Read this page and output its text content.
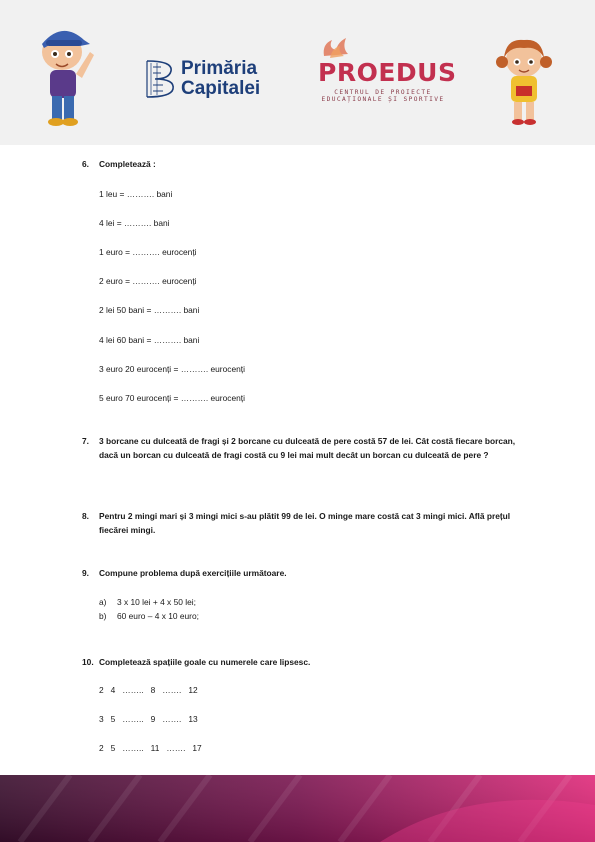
Primăria
Capitalei
PROEDUS
CENTRUL DE PROIECTE
EDUCAȚIONALE ȘI SPORTIVE
6. Completează :
1 leu = ………. bani
4 lei = ………. bani
1 euro = ………. eurocenți
2 euro = ………. eurocenți
2 lei 50 bani = ………. bani
4 lei 60 bani = ………. bani
3 euro 20 eurocenți = ………. eurocenți
5 euro 70 eurocenți = ………. eurocenți
7. 3 borcane cu dulceată de fragi și 2 borcane cu dulceată de pere costă 57 de lei. Cât costă fiecare borcan, dacă un borcan cu dulceată de fragi costă cu 9 lei mai mult decât un borcan cu dulceată de pere ?
8. Pentru 2 mingi mari și 3 mingi mici s-au plătit 99 de lei. O minge mare costă cat 3 mingi mici. Află prețul fiecărei mingi.
9. Compune problema după exercițiile următoare.
a) 3 x 10 lei + 4 x 50 lei;
b) 60 euro – 4 x 10 euro;
10. Completează spațiile goale cu numerele care lipsesc.
2   4   ……..   8   …….   12
3   5   ……..   9   …….   13
2   5   ……..   11   …….   17
